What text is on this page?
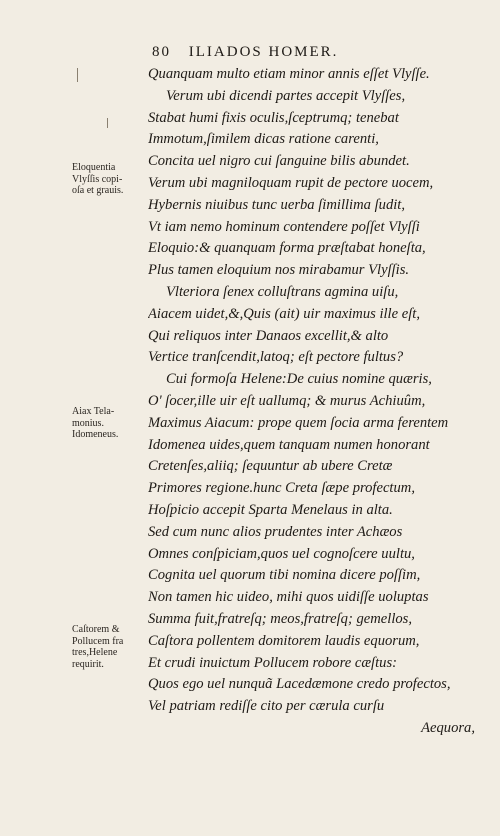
80 ILIADOS HOMER.
Eloquentia
Vlyſſis copi-
oſa et grauis.
Aiax Tela-
monius.
Idomeneus.
Caſtorem &
Pollucem fra
tres,Helene
requirit.
Quanquam multo etiam minor annis eſſet Vlyſſe.
Verum ubi dicendi partes accepit Vlyſſes,
Stabat humi fixis oculis,ſceptrumq; tenebat
Immotum,ſimilem dicas ratione carenti,
Concita uel nigro cui ſanguine bilis abundet.
Verum ubi magniloquam rupit de pectore uocem,
Hybernis niuibus tunc uerba ſimillima ſudit,
Vt iam nemo hominum contendere poſſet Vlyſſi
Eloquio:& quanquam forma præſtabat honeſta,
Plus tamen eloquium nos mirabamur Vlyſſis.
Vlteriora ſenex colluſtrans agmina uiſu,
Aiacem uidet,&,Quis (ait) uir maximus ille eſt,
Qui reliquos inter Danaos excellit,& alto
Vertice tranſcendit,latoq; eſt pectore fultus?
Cui formoſa Helene:De cuius nomine quæris,
O' ſocer,ille uir eſt uallumq; & murus Achiuûm,
Maximus Aiacum: prope quem ſocia arma ferentem
Idomenea uides,quem tanquam numen honorant
Cretenſes,aliiq; ſequuntur ab ubere Cretæ
Primores regione.hunc Creta ſæpe profectum,
Hoſpicio accepit Sparta Menelaus in alta.
Sed cum nunc alios prudentes inter Achæos
Omnes conſpiciam,quos uel cognoſcere uultu,
Cognita uel quorum tibi nomina dicere poſſim,
Non tamen hic uideo, mihi quos uidiſſe uoluptas
Summa fuit,fratreſq; meos,fratreſq; gemellos,
Caſtora pollentem domitorem laudis equorum,
Et crudi inuictum Pollucem robore cæſtus:
Quos ego uel nunquã Lacedæmone credo profectos,
Vel patriam rediſſe cito per cærula curſu
Aequora,
